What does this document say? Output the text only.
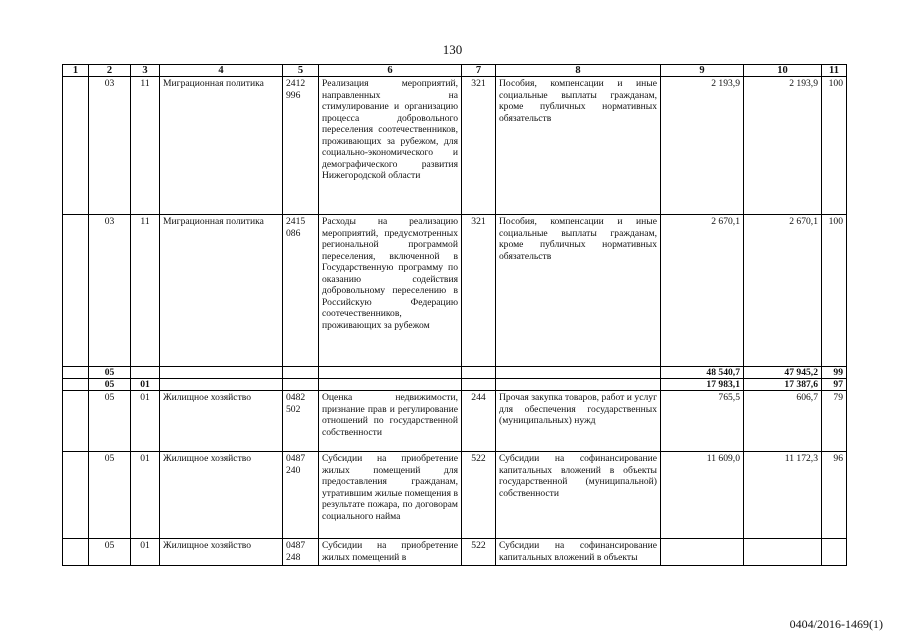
130
1	2	3	4	5	6	7	8	9	10	11
	03	11	Миграционная политика	2412 996	Реализация мероприятий, направленных на стимулирование и организацию процесса добровольного переселения соотечественников, проживающих за рубежом, для социально-экономического и демографического развития Нижегородской области	321	Пособия, компенсации и иные социальные выплаты гражданам, кроме публичных нормативных обязательств	2 193,9	2 193,9	100
	03	11	Миграционная политика	2415 086	Расходы на реализацию мероприятий, предусмотренных региональной программой переселения, включенной в Государственную программу по оказанию содействия добровольному переселению в Российскую Федерацию соотечественников, проживающих за рубежом	321	Пособия, компенсации и иные социальные выплаты гражданам, кроме публичных нормативных обязательств	2 670,1	2 670,1	100
	05							48 540,7	47 945,2	99
	05	01						17 983,1	17 387,6	97
	05	01	Жилищное хозяйство	0482 502	Оценка недвижимости, признание прав и регулирование отношений по государственной собственности	244	Прочая закупка товаров, работ и услуг для обеспечения государственных (муниципальных) нужд	765,5	606,7	79
	05	01	Жилищное хозяйство	0487 240	Субсидии на приобретение жилых помещений для предоставления гражданам, утратившим жилые помещения в результате пожара, по договорам социального найма	522	Субсидии на софинансирование капитальных вложений в объекты государственной (муниципальной) собственности	11 609,0	11 172,3	96
	05	01	Жилищное хозяйство	0487 248	Субсидии на приобретение жилых помещений в	522	Субсидии на софинансирование капитальных вложений в объекты			
0404/2016-1469(1)
